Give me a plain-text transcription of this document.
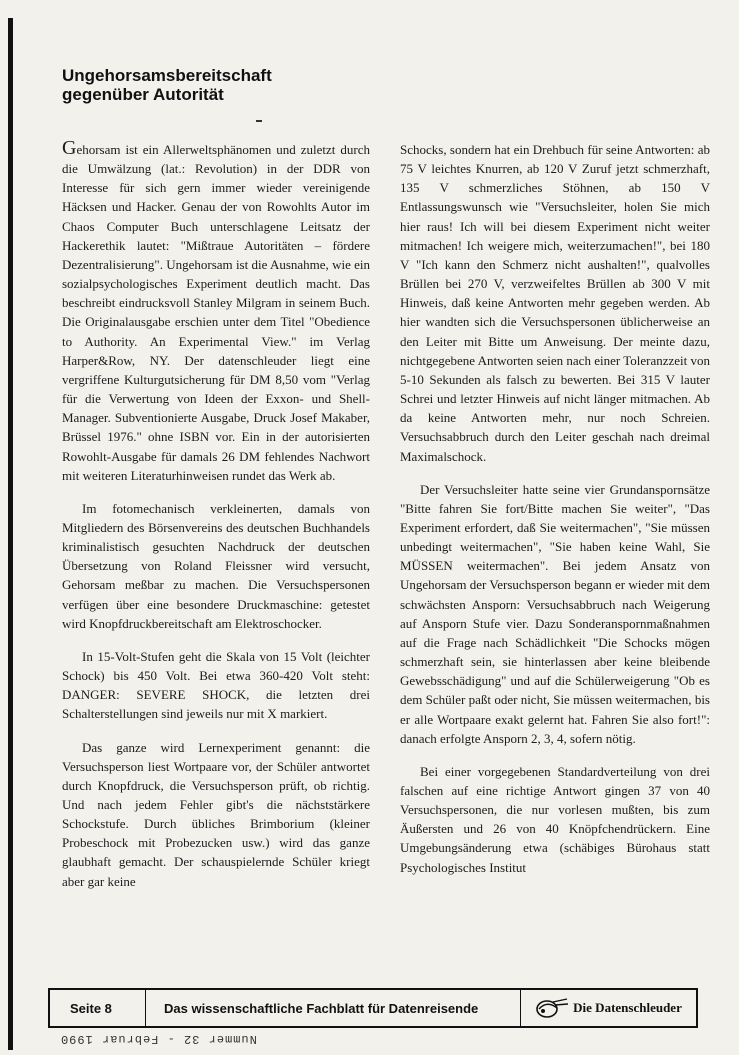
Ungehorsamsbereitschaft
gegenüber Autorität

Gehorsam ist ein Allerweltsphänomen und zuletzt durch die Umwälzung (lat.: Revolution) in der DDR von Interesse für sich gern immer wieder vereinigende Häcksen und Hacker. Genau der von Rowohlts Autor im Chaos Computer Buch unterschlagene Leitsatz der Hackerethik lautet: "Mißtraue Autoritäten – fördere Dezentralisierung". Ungehorsam ist die Ausnahme, wie ein sozialpsychologisches Experiment deutlich macht. Das beschreibt eindrucksvoll Stanley Milgram in seinem Buch. Die Originalausgabe erschien unter dem Titel "Obedience to Authority. An Experimental View." im Verlag Harper&Row, NY. Der datenschleuder liegt eine vergriffene Kulturgutsicherung für DM 8,50 vom "Verlag für die Verwertung von Ideen der Exxon- und Shell-Manager. Subventionierte Ausgabe, Druck Josef Makaber, Brüssel 1976." ohne ISBN vor. Ein in der autorisierten Rowohlt-Ausgabe für damals 26 DM fehlendes Nachwort mit weiteren Literaturhinweisen rundet das Werk ab.

Im fotomechanisch verkleinerten, damals von Mitgliedern des Börsenvereins des deutschen Buchhandels kriminalistisch gesuchten Nachdruck der deutschen Übersetzung von Roland Fleissner wird versucht, Gehorsam meßbar zu machen. Die Versuchspersonen verfügen über eine besondere Druckmaschine: getestet wird Knopfdruckbereitschaft am Elektroschocker.

In 15-Volt-Stufen geht die Skala von 15 Volt (leichter Schock) bis 450 Volt. Bei etwa 360-420 Volt steht: DANGER: SEVERE SHOCK, die letzten drei Schalterstellungen sind jeweils nur mit X markiert.

Das ganze wird Lernexperiment genannt: die Versuchsperson liest Wortpaare vor, der Schüler antwortet durch Knopfdruck, die Versuchsperson prüft, ob richtig. Und nach jedem Fehler gibt's die nächststärkere Schockstufe. Durch übliches Brimborium (kleiner Probeschock mit Probezucken usw.) wird das ganze glaubhaft gemacht. Der schauspielernde Schüler kriegt aber gar keine

Schocks, sondern hat ein Drehbuch für seine Antworten: ab 75 V leichtes Knurren, ab 120 V Zuruf jetzt schmerzhaft, 135 V schmerzliches Stöhnen, ab 150 V Entlassungswunsch wie "Versuchsleiter, holen Sie mich hier raus! Ich will bei diesem Experiment nicht weiter mitmachen! Ich weigere mich, weiterzumachen!", bei 180 V "Ich kann den Schmerz nicht aushalten!", qualvolles Brüllen bei 270 V, verzweifeltes Brüllen ab 300 V mit Hinweis, daß keine Antworten mehr gegeben werden. Ab hier wandten sich die Versuchspersonen üblicherweise an den Leiter mit Bitte um Anweisung. Der meinte dazu, nichtgegebene Antworten seien nach einer Toleranzzeit von 5-10 Sekunden als falsch zu bewerten. Bei 315 V lauter Schrei und letzter Hinweis auf nicht länger mitmachen. Ab da keine Antworten mehr, nur noch Schreien. Versuchsabbruch durch den Leiter geschah nach dreimal Maximalschock.

Der Versuchsleiter hatte seine vier Grundanspornsätze "Bitte fahren Sie fort/Bitte machen Sie weiter", "Das Experiment erfordert, daß Sie weitermachen", "Sie müssen unbedingt weitermachen", "Sie haben keine Wahl, Sie MÜSSEN weitermachen". Bei jedem Ansatz von Ungehorsam der Versuchsperson begann er wieder mit dem schwächsten Ansporn: Versuchsabbruch nach Weigerung auf Ansporn Stufe vier. Dazu Sonderanspornmaßnahmen auf die Frage nach Schädlichkeit "Die Schocks mögen schmerzhaft sein, sie hinterlassen aber keine bleibende Gewebsschädigung" und auf die Schülerweigerung "Ob es dem Schüler paßt oder nicht, Sie müssen weitermachen, bis er alle Wortpaare exakt gelernt hat. Fahren Sie also fort!": danach erfolgte Ansporn 2, 3, 4, sofern nötig.

Bei einer vorgegebenen Standardverteilung von drei falschen auf eine richtige Antwort gingen 37 von 40 Versuchspersonen, die nur vorlesen mußten, bis zum Äußersten und 26 von 40 Knöpfchendrückern. Eine Umgebungsänderung etwa (schäbiges Bürohaus statt Psychologisches Institut

Seite 8	Das wissenschaftliche Fachblatt für Datenreisende	Die Datenschleuder
Nummer 32 - Februar 1990
